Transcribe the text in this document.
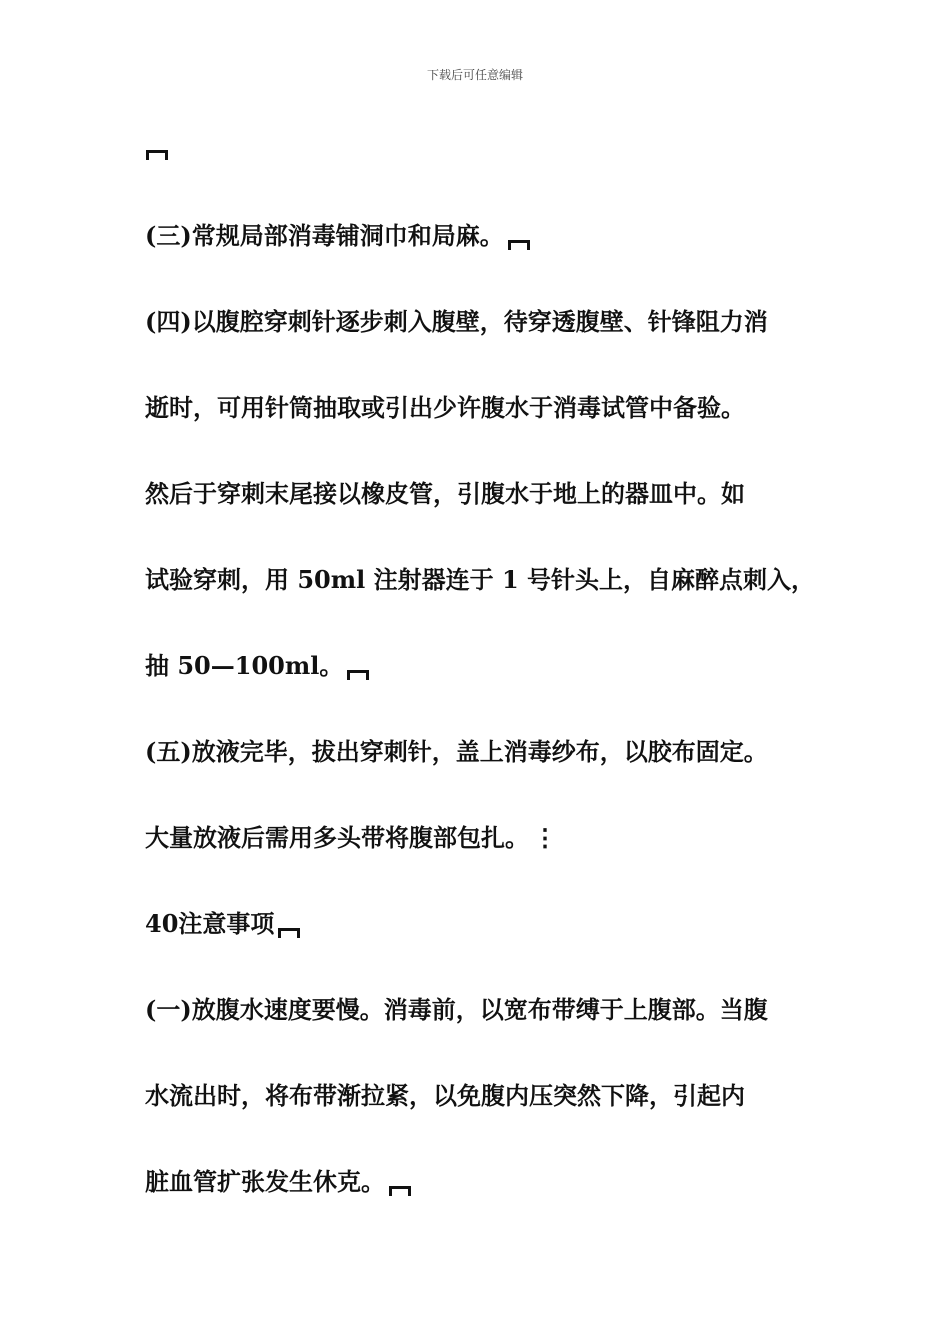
下载后可任意编辑
(三)常规局部消毒铺洞巾和局麻。
(四)以腹腔穿刺针逐步刺入腹壁，待穿透腹壁、针锋阻力消
逝时，可用针筒抽取或引出少许腹水于消毒试管中备验。
然后于穿刺末尾接以橡皮管，引腹水于地上的器皿中。如
试验穿刺，用 50ml 注射器连于 1 号针头上，自麻醉点刺入，
抽 50—100ml。
(五)放液完毕，拔出穿刺针，盖上消毒纱布，以胶布固定。
大量放液后需用多头带将腹部包扎。 ⋮
40注意事项
(一)放腹水速度要慢。消毒前，以宽布带缚于上腹部。当腹
水流出时，将布带渐拉紧，以免腹内压突然下降，引起内
脏血管扩张发生休克。
